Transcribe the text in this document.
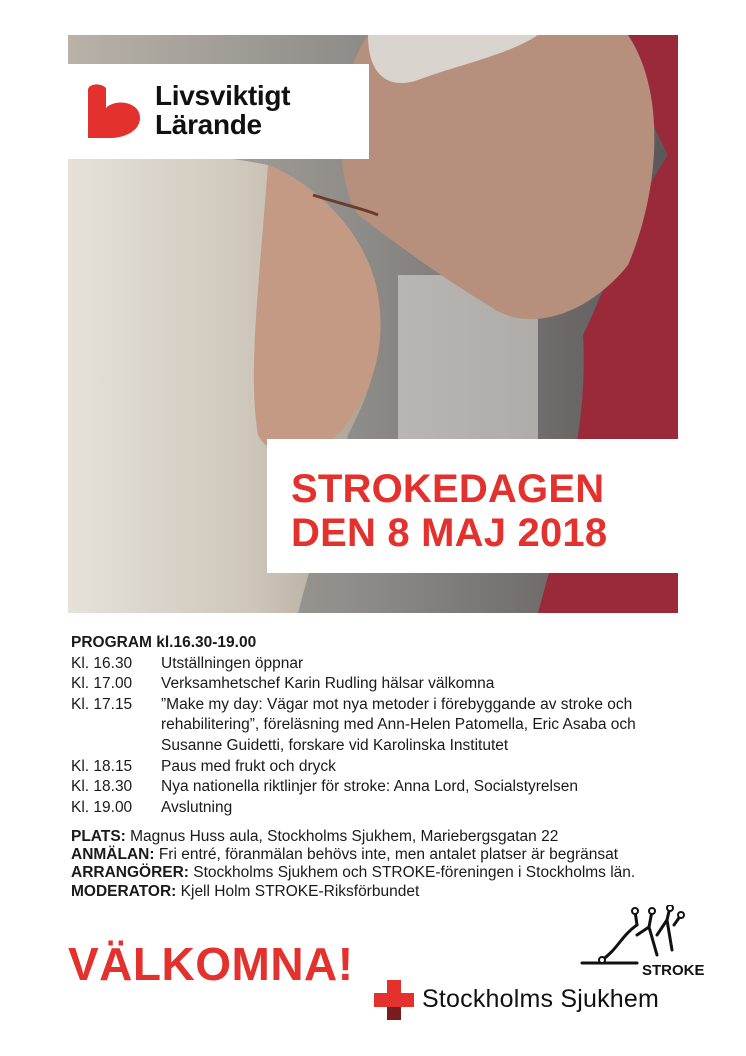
Livsviktigt
Lärande
STROKEDAGEN
DEN 8 MAJ 2018
PROGRAM kl.16.30-19.00
Kl. 16.30	Utställningen öppnar
Kl. 17.00	Verksamhetschef Karin Rudling hälsar välkomna
Kl. 17.15	”Make my day: Vägar mot nya metoder i förebyggande av stroke och rehabilitering”, föreläsning med Ann-Helen Patomella, Eric Asaba och Susanne Guidetti, forskare vid Karolinska Institutet
Kl. 18.15	Paus med frukt och dryck
Kl. 18.30	Nya nationella riktlinjer för stroke: Anna Lord, Socialstyrelsen
Kl. 19.00	Avslutning
PLATS: Magnus Huss aula, Stockholms Sjukhem, Mariebergsgatan 22
ANMÄLAN: Fri entré, föranmälan behövs inte, men antalet platser är begränsat
ARRANGÖRER: Stockholms Sjukhem och STROKE-föreningen i Stockholms län.
MODERATOR: Kjell Holm STROKE-Riksförbundet
VÄLKOMNA!	STROKE
Stockholms Sjukhem
